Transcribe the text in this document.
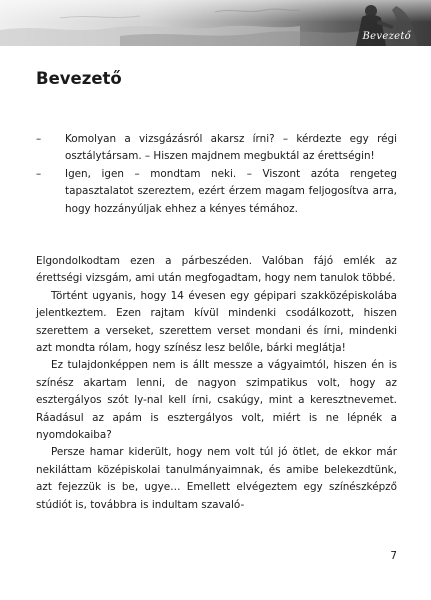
Bevezető
Bevezető
– Komolyan a vizsgázásról akarsz írni? – kérdezte egy régi osztálytársam. – Hiszen majdnem megbuktál az érettségin!
– Igen, igen – mondtam neki. – Viszont azóta rengeteg tapasztalatot szereztem, ezért érzem magam feljogosítva arra, hogy hozzányúljak ehhez a kényes témához.

Elgondolkodtam ezen a párbeszéden. Valóban fájó emlék az érettségi vizsgám, ami után megfogadtam, hogy nem tanulok többé.

Történt ugyanis, hogy 14 évesen egy gépipari szakközépiskolába jelentkeztem. Ezen rajtam kívül mindenki csodálkozott, hiszen szerettem a verseket, szerettem verset mondani és írni, mindenki azt mondta rólam, hogy színész lesz belőle, bárki meglátja!

Ez tulajdonképpen nem is állt messze a vágyaimtól, hiszen én is színész akartam lenni, de nagyon szimpatikus volt, hogy az esztergályos szót ly-nal kell írni, csakúgy, mint a keresztnevemet. Ráadásul az apám is esztergályos volt, miért is ne lépnék a nyomdokaiba?

Persze hamar kiderült, hogy nem volt túl jó ötlet, de ekkor már nekiláttam középiskolai tanulmányaimnak, és amibe belekezdtünk, azt fejezzük is be, ugye… Emellett elvégeztem egy színészképző stúdiót is, továbbra is indultam szavaló-

7
